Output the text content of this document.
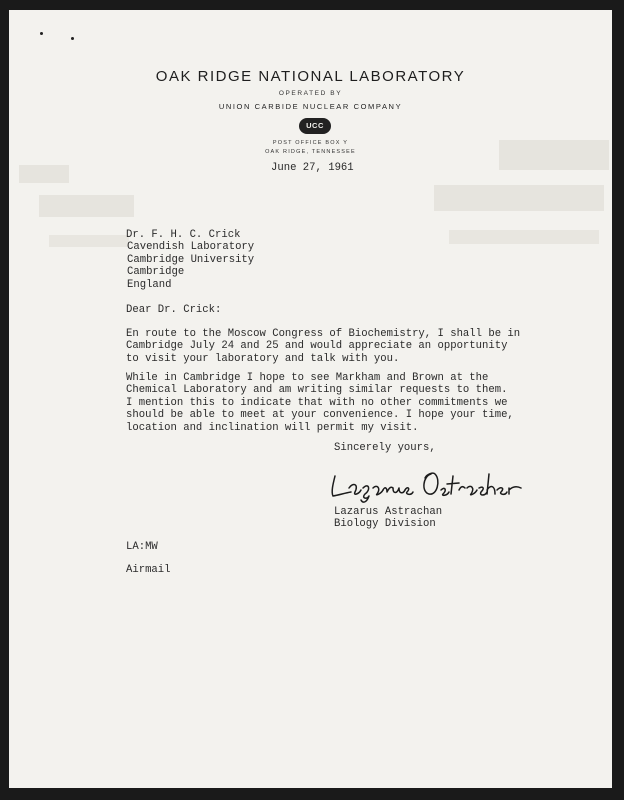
OAK RIDGE NATIONAL LABORATORY
OPERATED BY
UNION CARBIDE NUCLEAR COMPANY
UCC
POST OFFICE BOX Y
OAK RIDGE, TENNESSEE
June 27, 1961
Dr. F. H. C. Crick
Cavendish Laboratory
Cambridge University
Cambridge
England
Dear Dr. Crick:
En route to the Moscow Congress of Biochemistry, I shall be in
Cambridge July 24 and 25 and would appreciate an opportunity
to visit your laboratory and talk with you.
While in Cambridge I hope to see Markham and Brown at the
Chemical Laboratory and am writing similar requests to them.
I mention this to indicate that with no other commitments we
should be able to meet at your convenience. I hope your time,
location and inclination will permit my visit.
Sincerely yours,
Lazarus Astrachan
Biology Division
LA:MW
Airmail
